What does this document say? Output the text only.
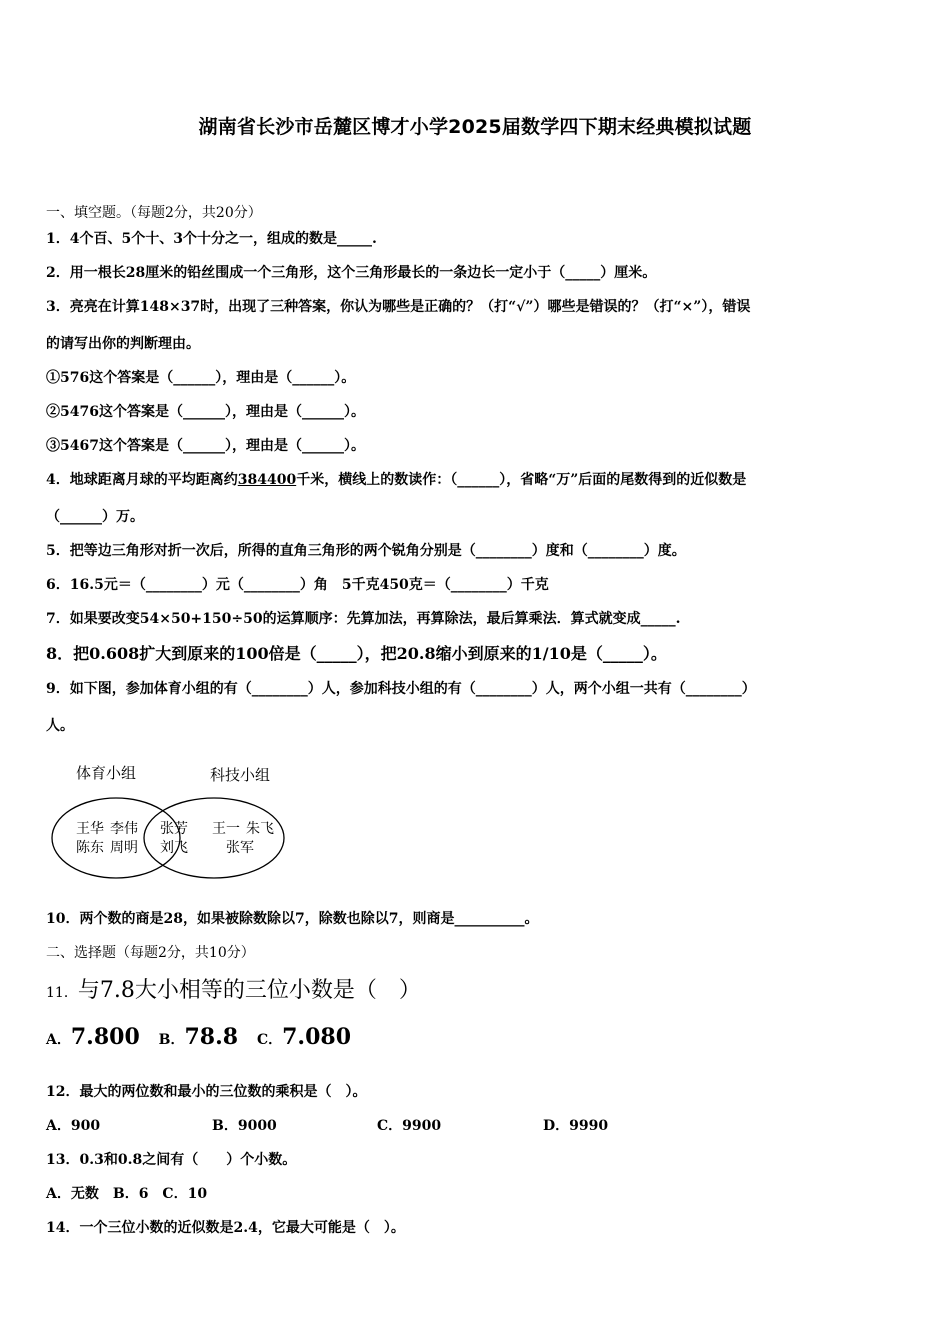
湖南省长沙市岳麓区博才小学2025届数学四下期末经典模拟试题
一、填空题。（每题2分，共20分）
1．4个百、5个十、3个十分之一，组成的数是_____.
2．用一根长28厘米的铅丝围成一个三角形，这个三角形最长的一条边长一定小于（_____）厘米。
3．亮亮在计算148×37时，出现了三种答案，你认为哪些是正确的？（打“√”）哪些是错误的？（打“×”），错误
的请写出你的判断理由。
①576这个答案是（______），理由是（______）。
②5476这个答案是（______），理由是（______）。
③5467这个答案是（______），理由是（______）。
4．地球距离月球的平均距离约384400千米，横线上的数读作：（______），省略“万”后面的尾数得到的近似数是
（______）万。
5．把等边三角形对折一次后，所得的直角三角形的两个锐角分别是（________）度和（________）度。
6．16.5元＝（________）元（________）角　5千克450克＝（________）千克
7．如果要改变54×50+150÷50的运算顺序：先算加法，再算除法，最后算乘法．算式就变成_____.
8．把0.608扩大到原来的100倍是（_____），把20.8缩小到原来的1/10是（_____）。
9．如下图，参加体育小组的有（________）人，参加科技小组的有（________）人，两个小组一共有（________）
人。
体育小组	科技小组
王华 李伟
陈东 周明
张芳
刘飞
王一 朱飞
张军
10．两个数的商是28，如果被除数除以7，除数也除以7，则商是__________。
二、选择题（每题2分，共10分）
11．与7.8大小相等的三位小数是（　）
A．7.800 B．78.8 C．7.080
12．最大的两位数和最小的三位数的乘积是（　）。
A．900	B．9000	C．9900	D．9990
13．0.3和0.8之间有（　　）个小数。
A．无数　B．6　C．10
14．一个三位小数的近似数是2.4，它最大可能是（　）。
